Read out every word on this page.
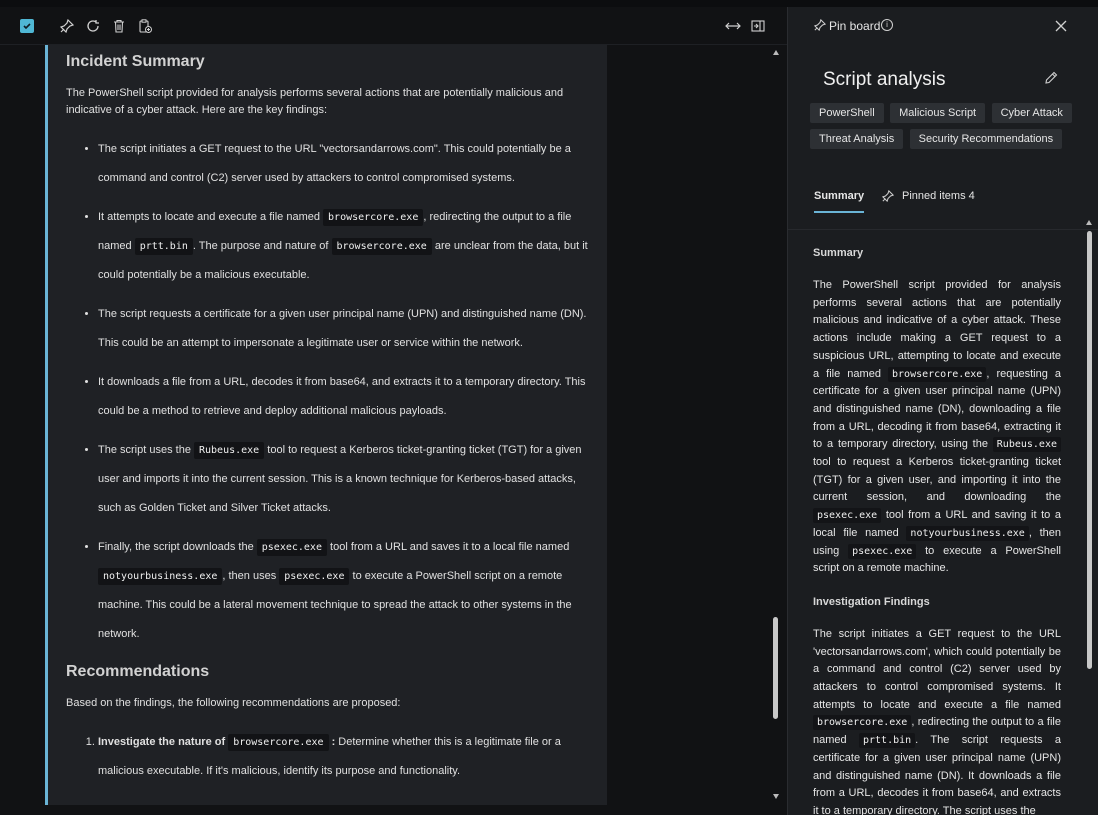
Incident Summary

The PowerShell script provided for analysis performs several actions that are potentially malicious and indicative of a cyber attack. Here are the key findings:

• The script initiates a GET request to the URL "vectorsandarrows.com". This could potentially be a command and control (C2) server used by attackers to control compromised systems.
• It attempts to locate and execute a file named browsercore.exe , redirecting the output to a file named prtt.bin . The purpose and nature of browsercore.exe are unclear from the data, but it could potentially be a malicious executable.
• The script requests a certificate for a given user principal name (UPN) and distinguished name (DN). This could be an attempt to impersonate a legitimate user or service within the network.
• It downloads a file from a URL, decodes it from base64, and extracts it to a temporary directory. This could be a method to retrieve and deploy additional malicious payloads.
• The script uses the Rubeus.exe tool to request a Kerberos ticket-granting ticket (TGT) for a given user and imports it into the current session. This is a known technique for Kerberos-based attacks, such as Golden Ticket and Silver Ticket attacks.
• Finally, the script downloads the psexec.exe tool from a URL and saves it to a local file named notyourbusiness.exe , then uses psexec.exe to execute a PowerShell script on a remote machine. This could be a lateral movement technique to spread the attack to other systems in the network.
Recommendations

Based on the findings, the following recommendations are proposed:

1. Investigate the nature of browsercore.exe : Determine whether this is a legitimate file or a malicious executable. If it's malicious, identify its purpose and functionality.
Pin board i
Script analysis
PowerShell Malicious Script Cyber Attack Threat Analysis Security Recommendations
Summary	Pinned items 4
Summary

The PowerShell script provided for analysis performs several actions that are potentially malicious and indicative of a cyber attack. These actions include making a GET request to a suspicious URL, attempting to locate and execute a file named browsercore.exe , requesting a certificate for a given user principal name (UPN) and distinguished name (DN), downloading a file from a URL, decoding it from base64, extracting it to a temporary directory, using the Rubeus.exe tool to request a Kerberos ticket-granting ticket (TGT) for a given user, and importing it into the current session, and downloading the psexec.exe tool from a URL and saving it to a local file named notyourbusiness.exe , then using psexec.exe to execute a PowerShell script on a remote machine.

Investigation Findings

The script initiates a GET request to the URL 'vectorsandarrows.com', which could potentially be a command and control (C2) server used by attackers to control compromised systems. It attempts to locate and execute a file named browsercore.exe , redirecting the output to a file named prtt.bin . The script requests a certificate for a given user principal name (UPN) and distinguished name (DN). It downloads a file from a URL, decodes it from base64, and extracts it to a temporary directory. The script uses the
